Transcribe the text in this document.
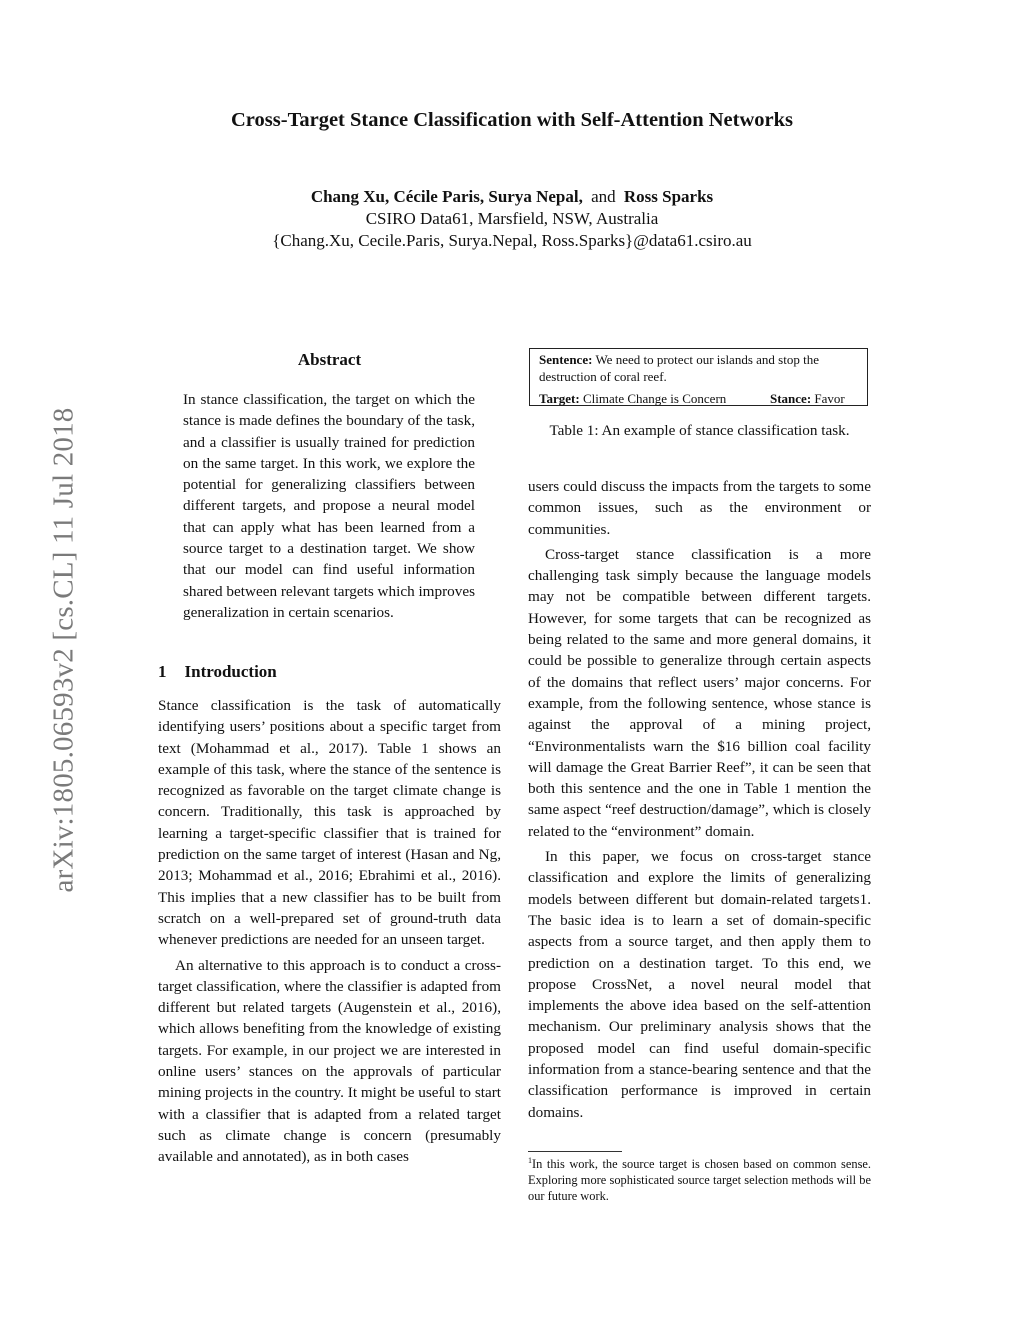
Cross-Target Stance Classification with Self-Attention Networks
Chang Xu, Cécile Paris, Surya Nepal, and Ross Sparks
CSIRO Data61, Marsfield, NSW, Australia
{Chang.Xu, Cecile.Paris, Surya.Nepal, Ross.Sparks}@data61.csiro.au
arXiv:1805.06593v2 [cs.CL] 11 Jul 2018
Abstract

In stance classification, the target on which the stance is made defines the boundary of the task, and a classifier is usually trained for prediction on the same target. In this work, we explore the potential for generalizing classifiers between different targets, and propose a neural model that can apply what has been learned from a source target to a destination target. We show that our model can find useful information shared between relevant targets which improves generalization in certain scenarios.

1 Introduction

Stance classification is the task of automatically identifying users’ positions about a specific target from text (Mohammad et al., 2017). Table 1 shows an example of this task, where the stance of the sentence is recognized as favorable on the target climate change is concern. Traditionally, this task is approached by learning a target-specific classifier that is trained for prediction on the same target of interest (Hasan and Ng, 2013; Mohammad et al., 2016; Ebrahimi et al., 2016). This implies that a new classifier has to be built from scratch on a well-prepared set of ground-truth data whenever predictions are needed for an unseen target.

An alternative to this approach is to conduct a cross-target classification, where the classifier is adapted from different but related targets (Augenstein et al., 2016), which allows benefiting from the knowledge of existing targets. For example, in our project we are interested in online users’ stances on the approvals of particular mining projects in the country. It might be useful to start with a classifier that is adapted from a related target such as climate change is concern (presumably available and annotated), as in both cases

Sentence: We need to protect our islands and stop the destruction of coral reef.
Target: Climate Change is Concern	Stance: Favor

Table 1: An example of stance classification task.

users could discuss the impacts from the targets to some common issues, such as the environment or communities.

Cross-target stance classification is a more challenging task simply because the language models may not be compatible between different targets. However, for some targets that can be recognized as being related to the same and more general domains, it could be possible to generalize through certain aspects of the domains that reflect users’ major concerns. For example, from the following sentence, whose stance is against the approval of a mining project, “Environmentalists warn the $16 billion coal facility will damage the Great Barrier Reef”, it can be seen that both this sentence and the one in Table 1 mention the same aspect “reef destruction/damage”, which is closely related to the “environment” domain.

In this paper, we focus on cross-target stance classification and explore the limits of generalizing models between different but domain-related targets1. The basic idea is to learn a set of domain-specific aspects from a source target, and then apply them to prediction on a destination target. To this end, we propose CrossNet, a novel neural model that implements the above idea based on the self-attention mechanism. Our preliminary analysis shows that the proposed model can find useful domain-specific information from a stance-bearing sentence and that the classification performance is improved in certain domains.

$^1$In this work, the source target is chosen based on common sense. Exploring more sophisticated source target selection methods will be our future work.
